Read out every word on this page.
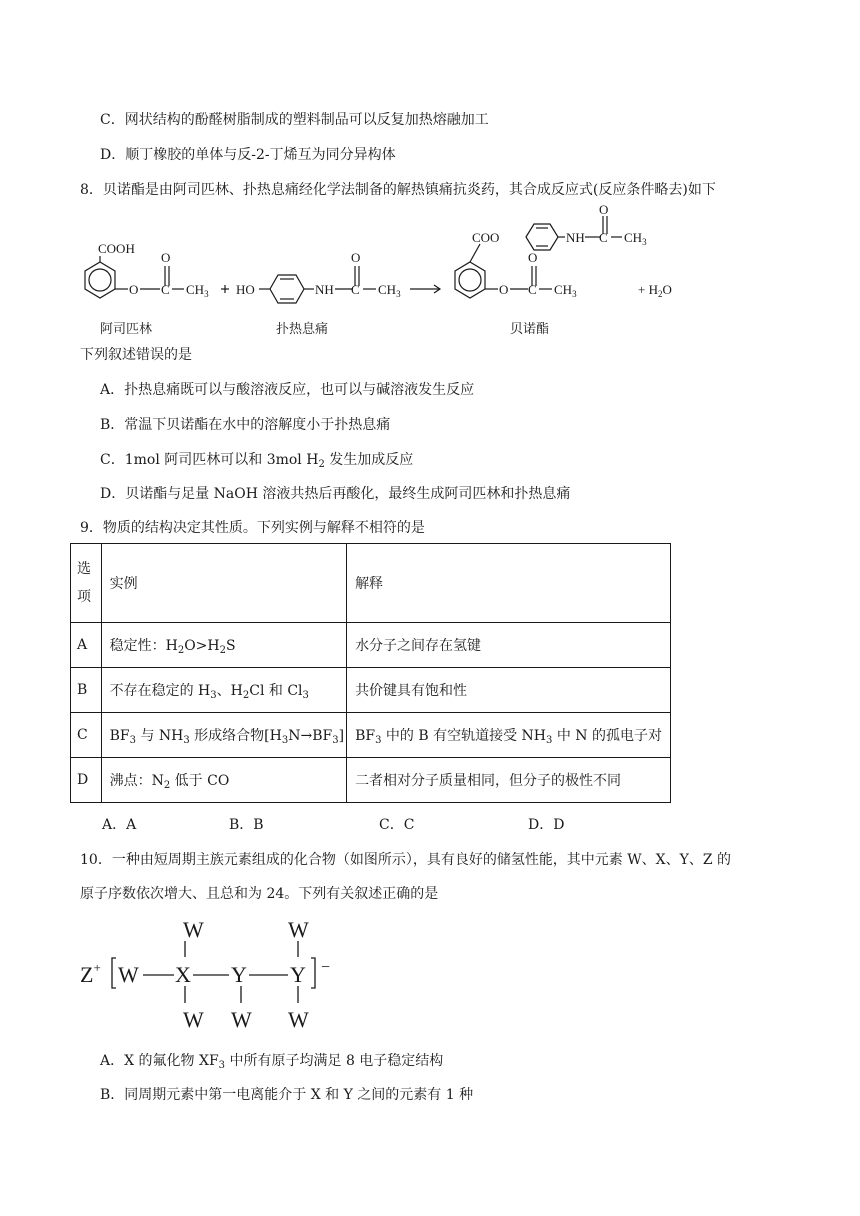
C．网状结构的酚醛树脂制成的塑料制品可以反复加热熔融加工
D．顺丁橡胶的单体与反-2-丁烯互为同分异构体
8．贝诺酯是由阿司匹林、扑热息痛经化学法制备的解热镇痛抗炎药，其合成反应式(反应条件略去)如下
COOH
O
O
C $CH_3$ HO	NH
O
C $CH_3$
COO
O
O
C $CH_3$
NH
O
C $CH_3$
+ $H_2O$
阿司匹林	扑热息痛	贝诺酯
下列叙述错误的是
A．扑热息痛既可以与酸溶液反应，也可以与碱溶液发生反应
B．常温下贝诺酯在水中的溶解度小于扑热息痛
C．1mol 阿司匹林可以和 3mol $H_2$ 发生加成反应
D．贝诺酯与足量 NaOH 溶液共热后再酸化，最终生成阿司匹林和扑热息痛
9．物质的结构决定其性质。下列实例与解释不相符的是
选
项	实例	解释
A	稳定性：$H_2O>H_2S$	水分子之间存在氢键
B	不存在稳定的 $H_3$、$H_2Cl$ 和 $Cl_3$	共价键具有饱和性
C	$BF_3$ 与 $NH_3$ 形成络合物$[H_3N\to BF_3]$	$BF_3$ 中的 B 有空轨道接受 $NH_3$ 中 N 的孤电子对
D	沸点：$N_2$ 低于 CO	二者相对分子质量相同，但分子的极性不同
A．A	B．B	C．C	D．D
10．一种由短周期主族元素组成的化合物（如图所示），具有良好的储氢性能，其中元素 W、X、Y、Z 的
原子序数依次增大、且总和为 24。下列有关叙述正确的是
W	W
Z+ W X Y Y
W W W
−
A．X 的氟化物 $XF_3$ 中所有原子均满足 8 电子稳定结构
B．同周期元素中第一电离能介于 X 和 Y 之间的元素有 1 种
